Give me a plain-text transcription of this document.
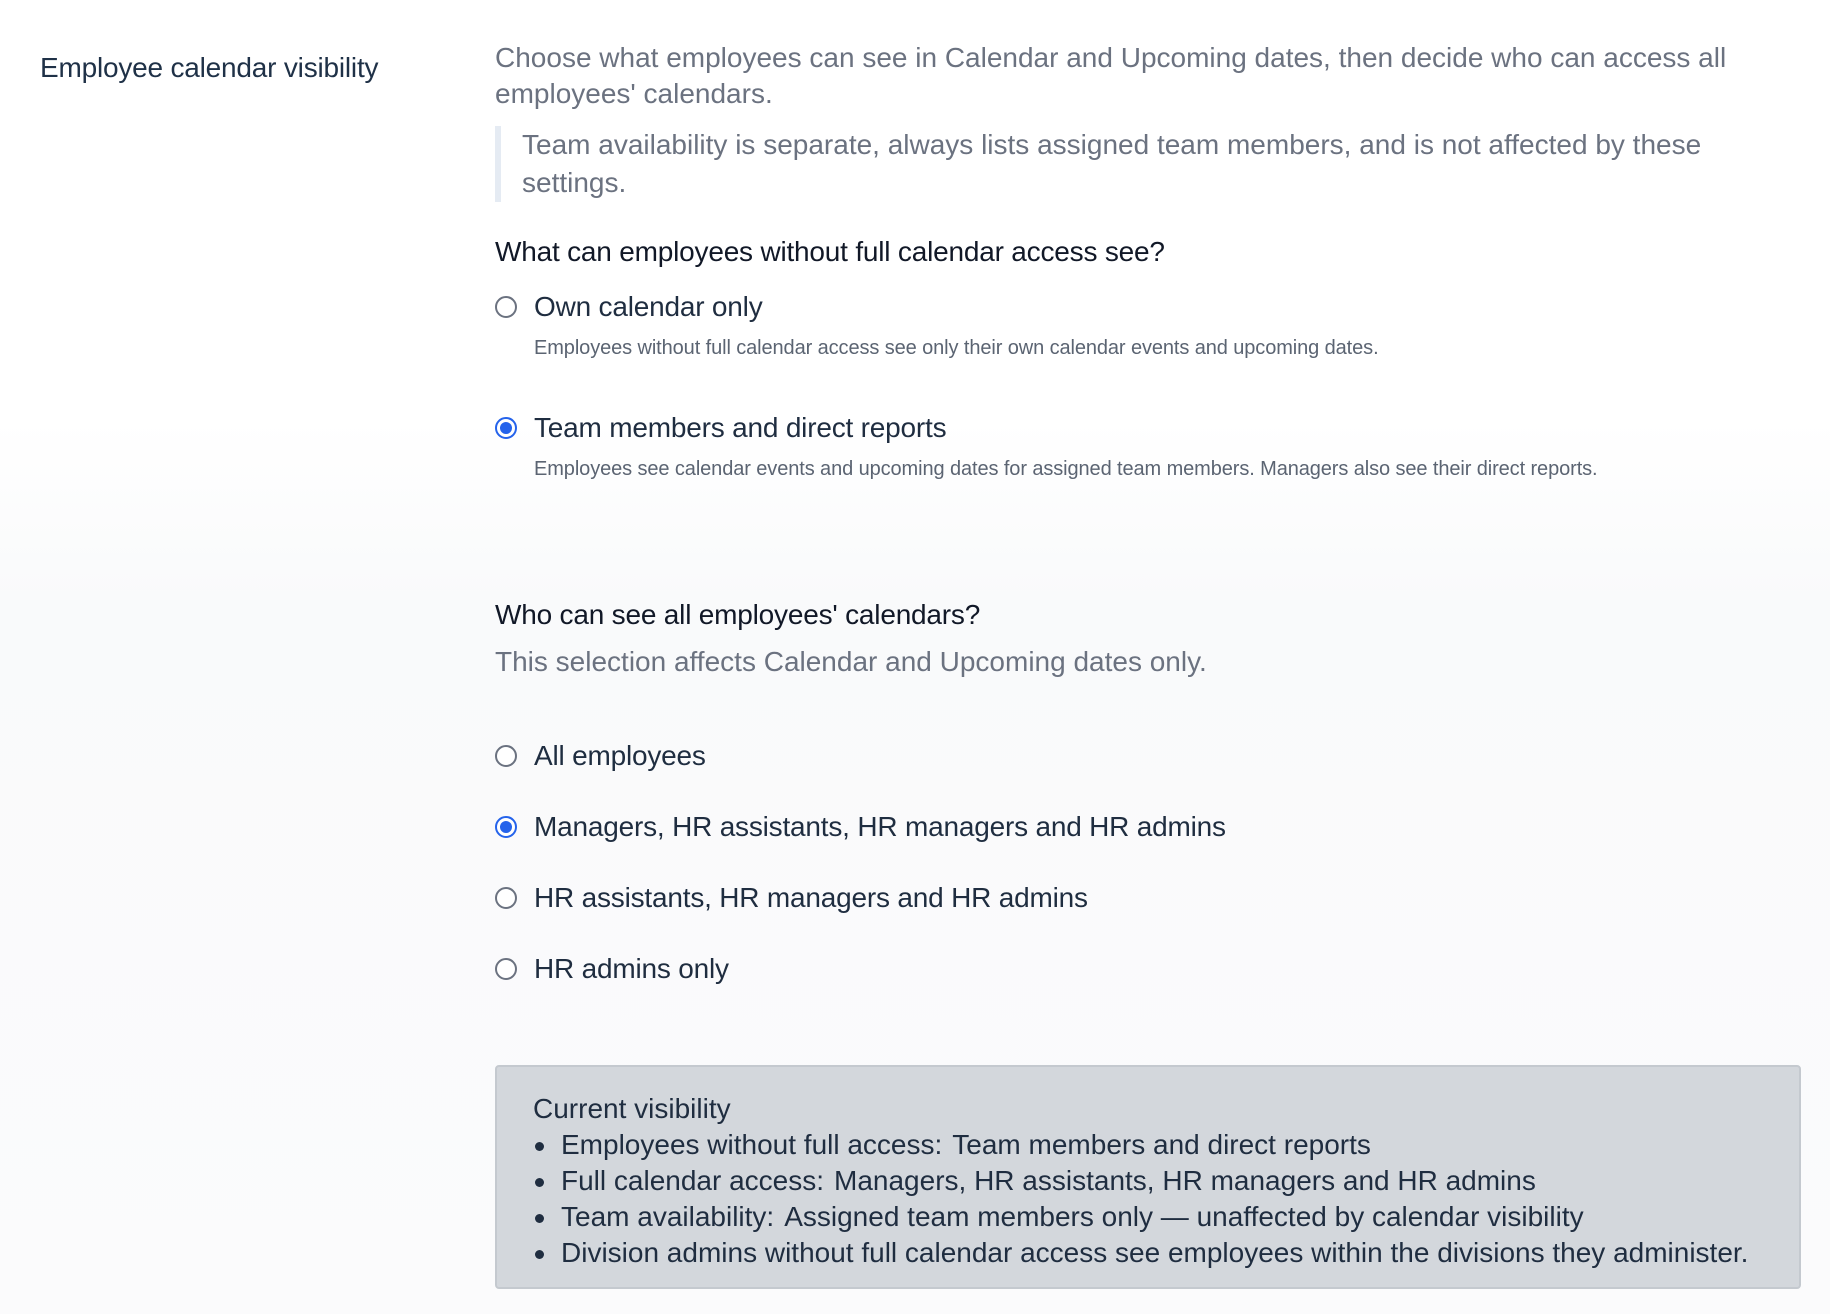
Employee calendar visibility	Choose what employees can see in Calendar and Upcoming dates, then decide who can access all employees' calendars.

Team availability is separate, always lists assigned team members, and is not affected by these settings.
What can employees without full calendar access see?
Own calendar only
Employees without full calendar access see only their own calendar events and upcoming dates.
Team members and direct reports
Employees see calendar events and upcoming dates for assigned team members. Managers also see their direct reports.
Who can see all employees' calendars?
This selection affects Calendar and Upcoming dates only.
All employees
Managers, HR assistants, HR managers and HR admins
HR assistants, HR managers and HR admins
HR admins only
Current visibility
Employees without full access: Team members and direct reports
Full calendar access: Managers, HR assistants, HR managers and HR admins
Team availability: Assigned team members only — unaffected by calendar visibility
Division admins without full calendar access see employees within the divisions they administer.
